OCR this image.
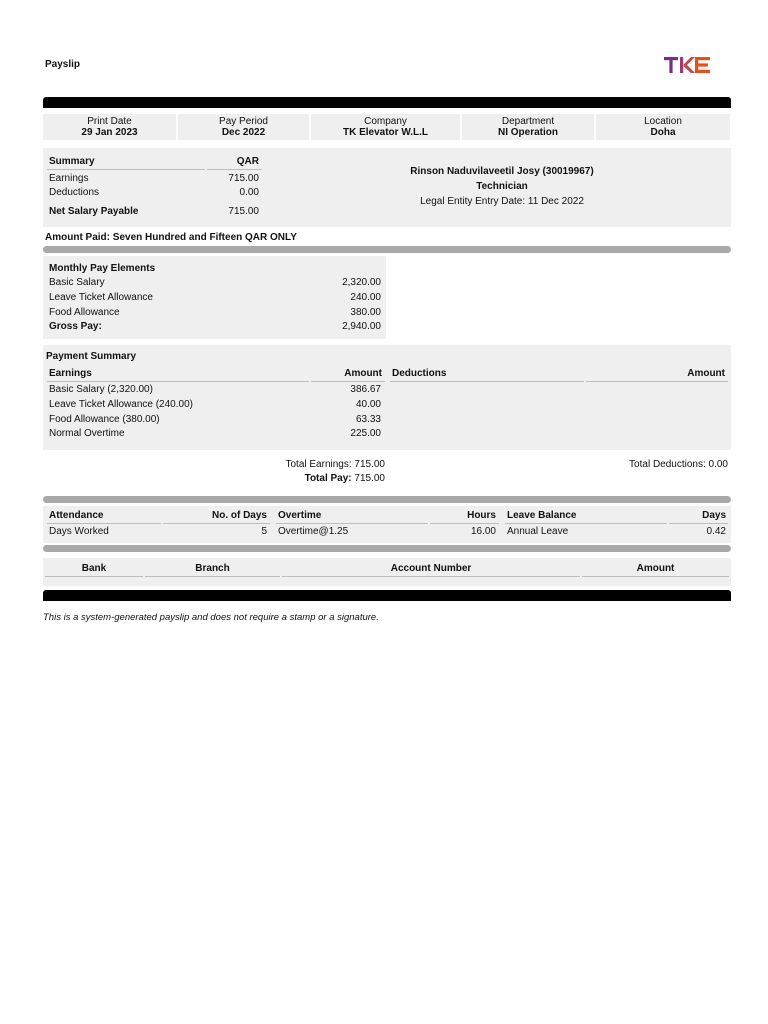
Payslip
Print Date
29 Jan 2023
Pay Period
Dec 2022
Company
TK Elevator W.L.L
Department
NI Operation
Location
Doha
Summary	QAR
Earnings	715.00
Deductions	0.00
Net Salary Payable	715.00
Rinson Naduvilaveetil Josy (30019967)
Technician
Legal Entity Entry Date: 11 Dec 2022
Amount Paid: Seven Hundred and Fifteen QAR ONLY
Monthly Pay Elements
Basic Salary	2,320.00
Leave Ticket Allowance	240.00
Food Allowance	380.00
Gross Pay:	2,940.00
Payment Summary
Earnings	Amount Deductions	Amount
Basic Salary (2,320.00)	386.67
Leave Ticket Allowance (240.00)	40.00
Food Allowance (380.00)	63.33
Normal Overtime	225.00
Total Earnings: 715.00
Total Pay: 715.00
Total Deductions: 0.00
Attendance	No. of Days Overtime	Hours Leave Balance	Days
Days Worked	5 Overtime@1.25	16.00 Annual Leave	0.42
Bank	Branch	Account Number	Amount
This is a system-generated payslip and does not require a stamp or a signature.
